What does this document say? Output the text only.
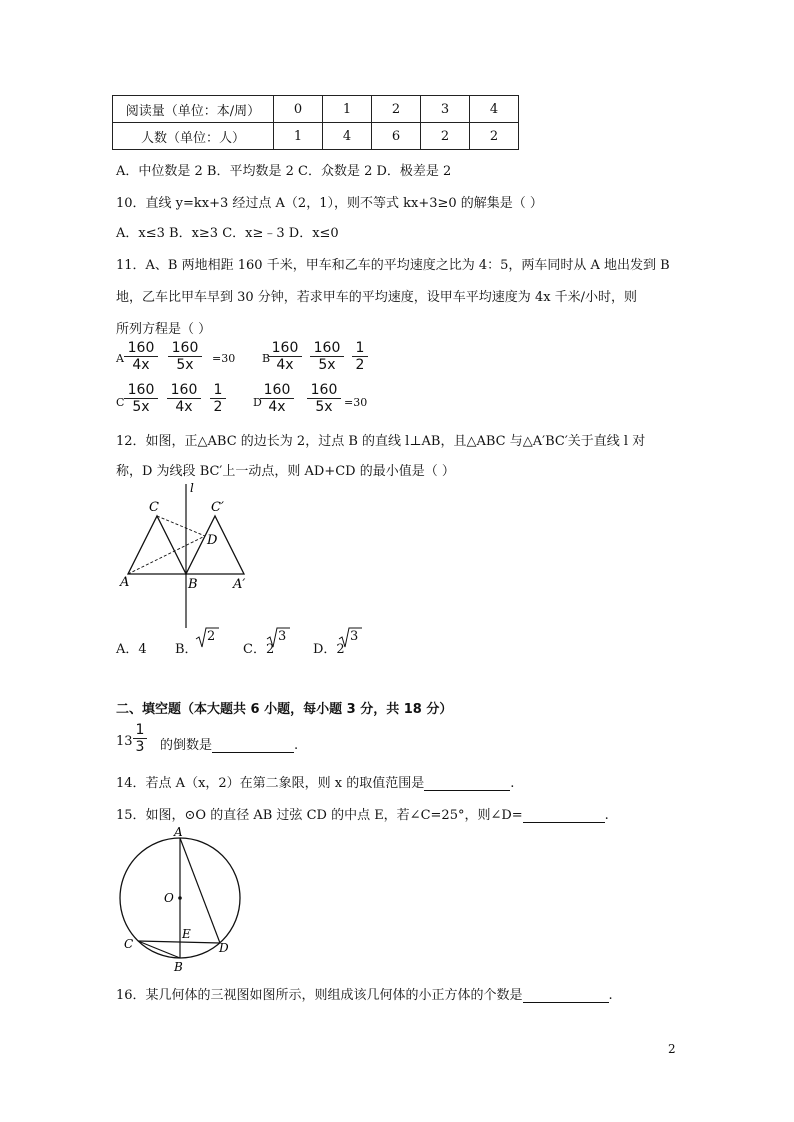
阅读量（单位：本/周）	0	1	2	3	4
人数（单位：人）	1	4	6	2	2
A．中位数是 2 B．平均数是 2 C．众数是 2 D．极差是 2
10．直线 y=kx+3 经过点 A（2，1），则不等式 kx+3≥0 的解集是（ ）
A．x≤3 B．x≥3 C．x≥﹣3 D．x≤0
11．A、B 两地相距 160 千米，甲车和乙车的平均速度之比为 4：5，两车同时从 A 地出发到 B
地，乙车比甲车早到 30 分钟，若求甲车的平均速度，设甲车平均速度为 4x 千米/小时，则
所列方程是（ ）
A $\frac{160}{4x} \frac{160}{5x} =30$ B
$\frac{160}{4x} \frac{160}{5x} \frac{1}{2}$
C $\frac{160}{5x} \frac{160}{4x} \frac{1}{2}$ D
$\frac{160}{4x} \frac{160}{5x} =30$
12．如图，正△ABC 的边长为 2，过点 B 的直线 l⊥AB，且△ABC 与△A′BC′关于直线 l 对
称，D 为线段 BC′上一动点，则 AD+CD 的最小值是（ ）
l
C	C′
D
A	B	A′
A．4 B．
2
C．2
3
D．2
3
二、填空题（本大题共 6 小题，每小题 3 分，共 18 分）
$13 \frac{1}{3}$ 的倒数是	.
14．若点 A（x，2）在第二象限，则 x 的取值范围是	.
15．如图，⊙O 的直径 AB 过弦 CD 的中点 E，若∠C=25°，则∠D=	.
A
O
E
C	D
B
16．某几何体的三视图如图所示，则组成该几何体的小正方体的个数是	.
2
